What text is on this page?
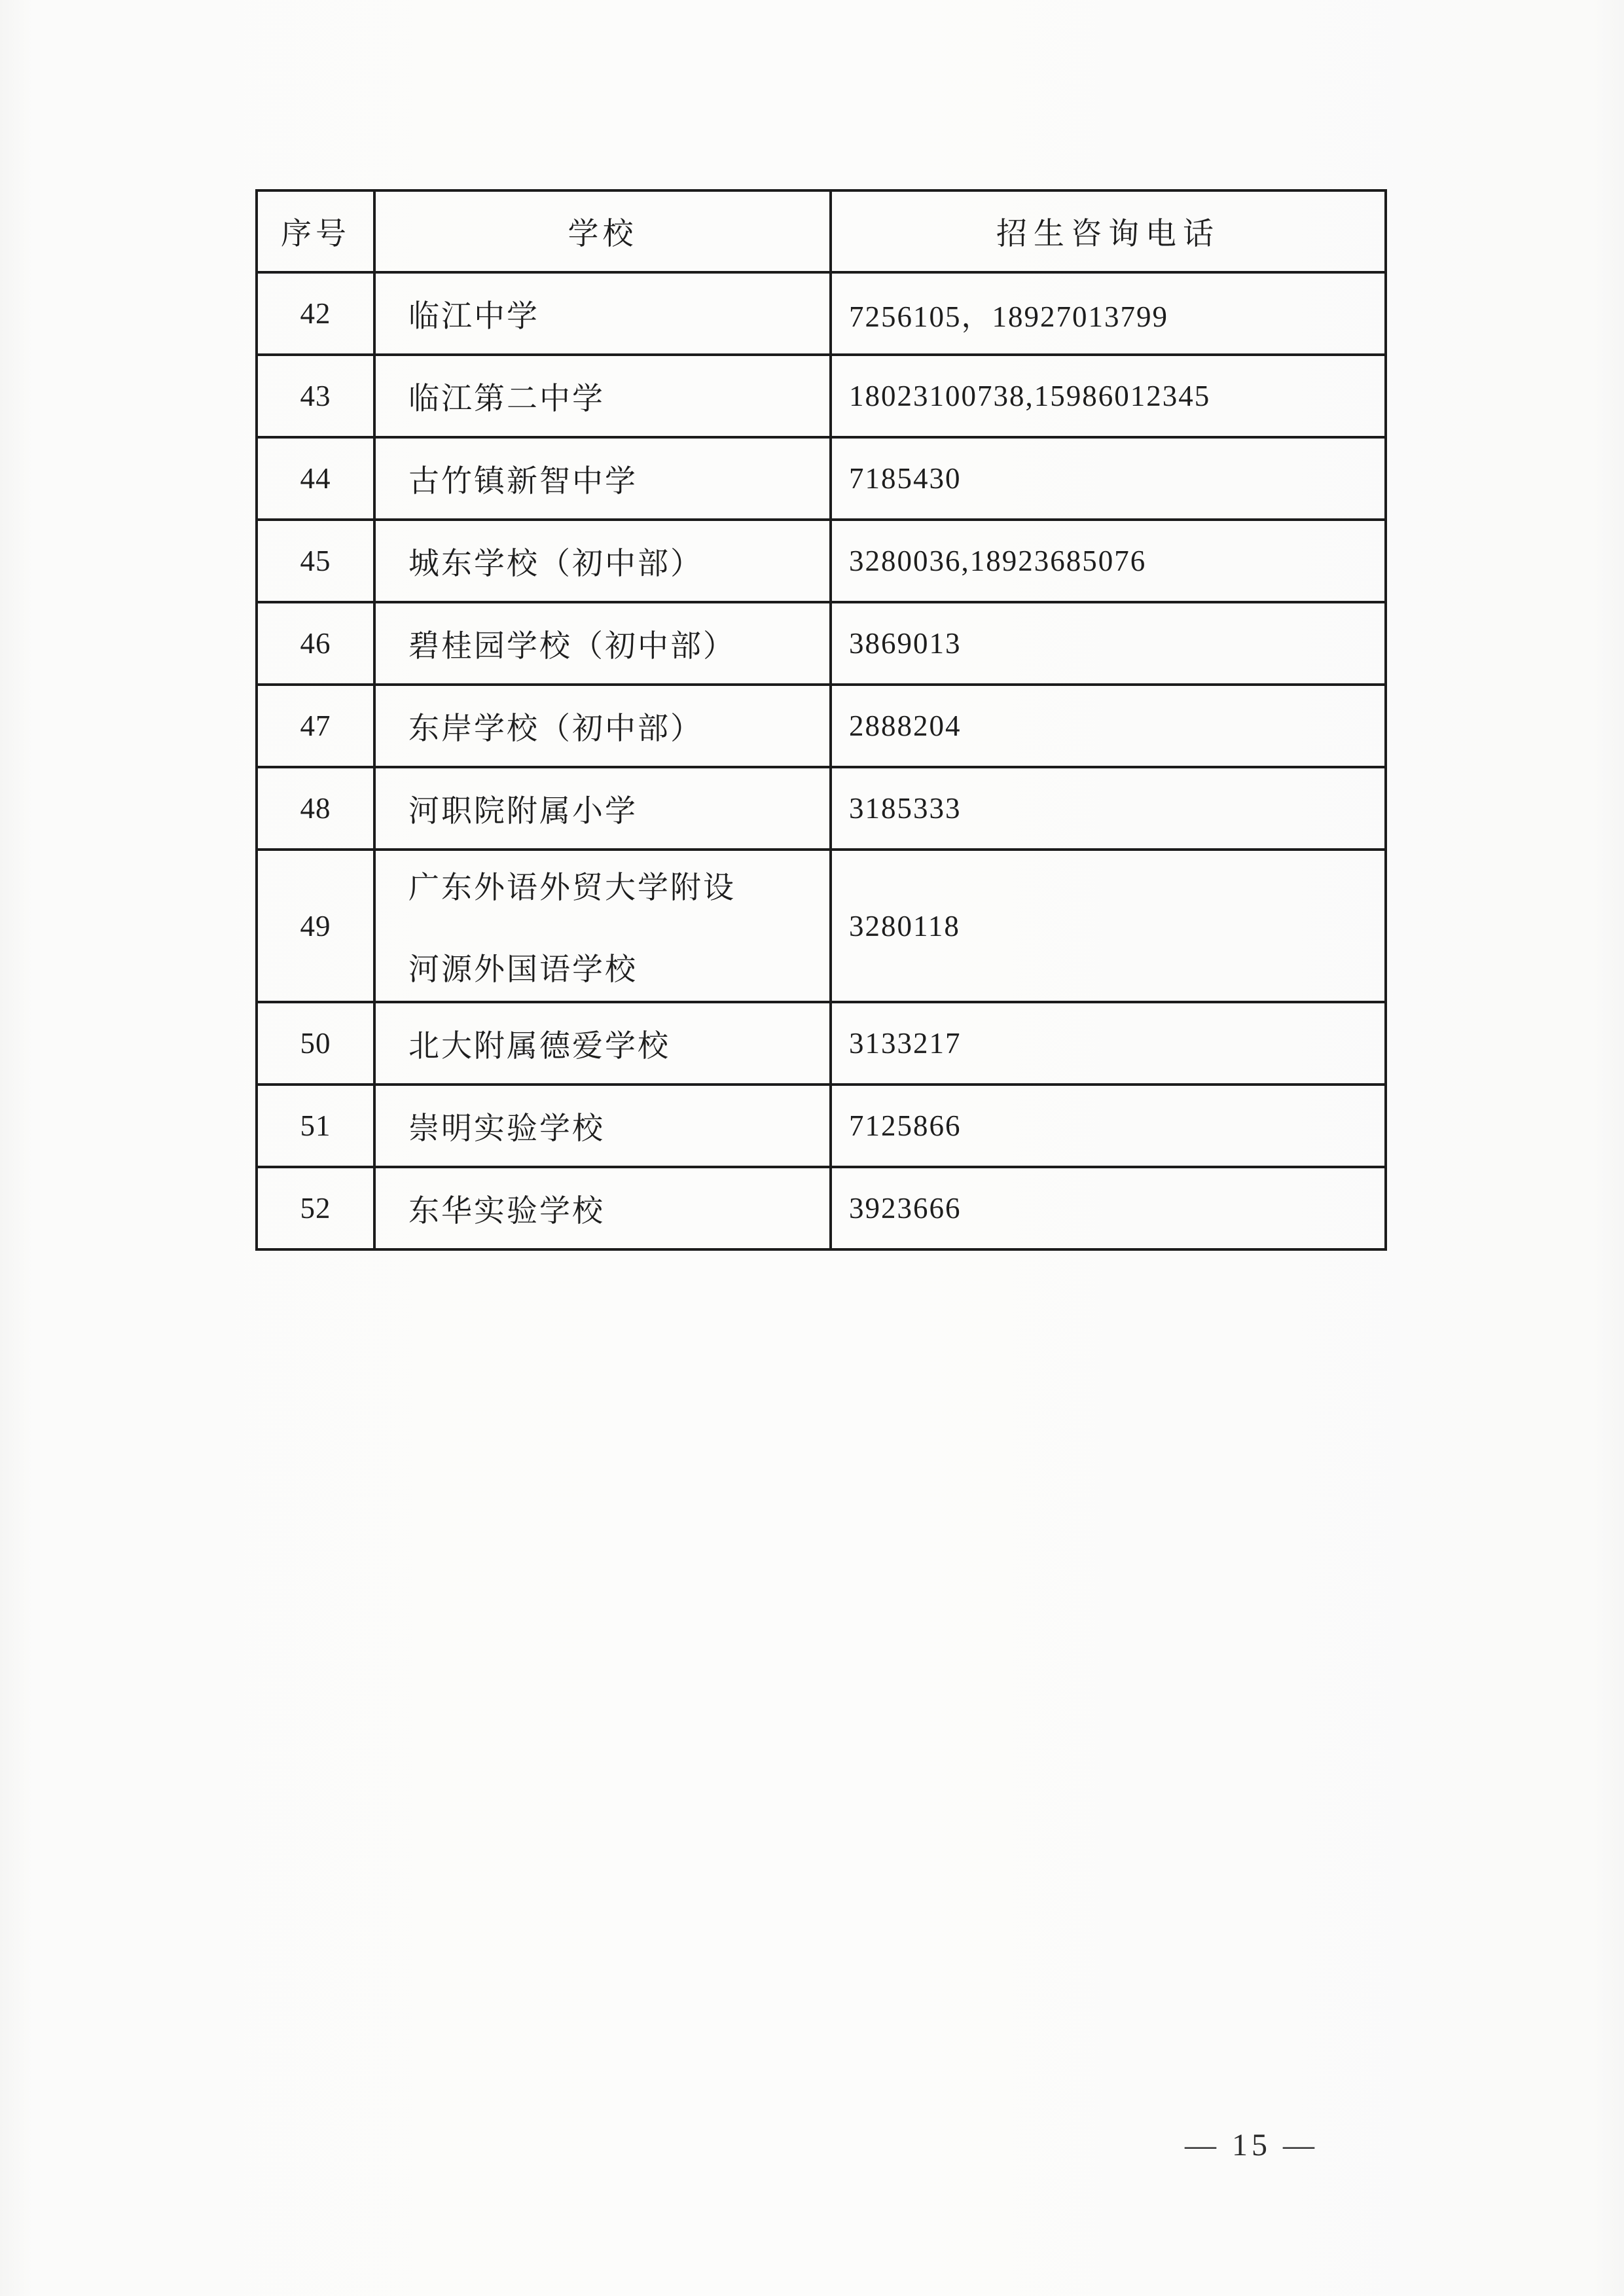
序号	学校	招生咨询电话
42	临江中学	7256105，18927013799
43	临江第二中学	18023100738,15986012345
44	古竹镇新智中学	7185430
45	城东学校（初中部）	3280036,18923685076
46	碧桂园学校（初中部）	3869013
47	东岸学校（初中部）	2888204
48	河职院附属小学	3185333
49	广东外语外贸大学附设
河源外国语学校	3280118
50	北大附属德爱学校	3133217
51	崇明实验学校	7125866
52	东华实验学校	3923666
— 15 —
